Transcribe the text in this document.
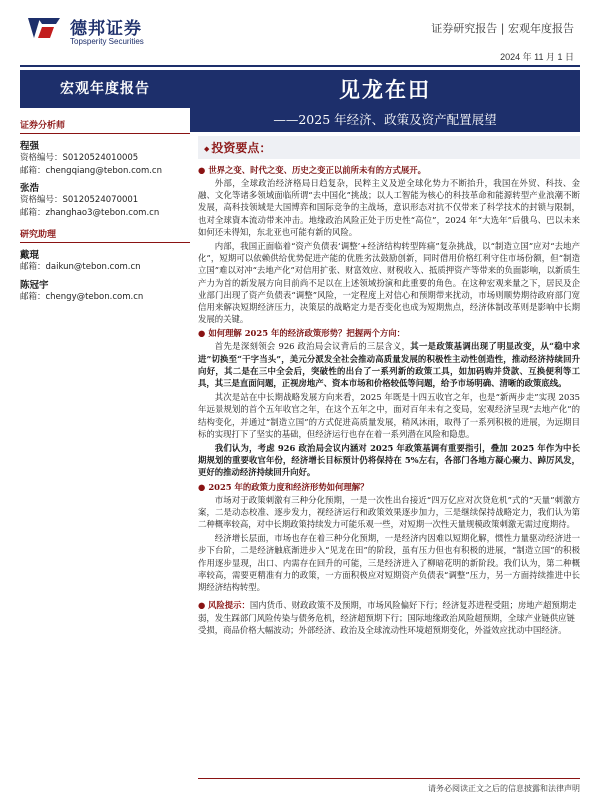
德邦证券
Topsperity Securities
证券研究报告 | 宏观年度报告
2024 年 11 月 1 日
宏观年度报告	见龙在田
——2025 年经济、政策及资产配置展望
证券分析师
程强
资格编号：S0120524010005
邮箱：chengqiang@tebon.com.cn
张浩
资格编号：S0120524070001
邮箱：zhanghao3@tebon.com.cn
研究助理
戴琨
邮箱：daikun@tebon.com.cn
陈冠宇
邮箱：chengy@tebon.com.cn
◆ 投资要点：
● 世界之变、时代之变、历史之变正以前所未有的方式展开。

外部，全球政治经济格局日趋复杂，民粹主义及逆全球化势力不断抬升，我国在外贸、科技、金融、文化等诸多领域面临所谓“去中国化”挑战；以人工智能为核心的科技革命和能源转型产业浪潮不断发展，高科技领域是大国博弈和国际竞争的主战场，意识形态对抗不仅带来了科学技术的封锁与限制，也对全球資本流动带来冲击。地缘政治风险正处于历史性“高位”，2024 年“大选年”后俄乌、巴以未来如何还未得知，东北亚也可能有新的风险。

内部，我国正面临着“资产负债表‘调整’+经济结构转型阵痛”复杂挑战，以“制造立国”应对“去地产化”，短期可以依赖供给优势促进产能的优胜劣汰鼓励创新，同时借用价格红利守住市场份额，但“制造立国”难以对冲“去地产化”对信用扩张、财富效应、财税收入、抵质押资产等带来的负面影响，以新质生产力为首的新发展方向目前尚不足以在上述领域扮演和此重要的角色。在这种宏观来量之下，居民及企业部门出现了资产负债表“调整”风险，一定程度上对信心和预期带来扰动，市场则顺势期待政府部门宽信用来解决短期经济压力，决策层的战略定力是否变化也成为短期焦点，经济体制改革则是影响中长期发展的关键。

● 如何理解 2025 年的经济政策形势？把握两个方向：

首先是深刻领会 926 政治局会议背后的三层含义，其一是政策基调出现了明显改变，从“稳中求进”切换至“干字当头”，美元分派发全社会推动高质量发展的积极性主动性创造性，推动经济持续回升向好，其二是在三中全会后，突破性的出台了一系列新的政策工具，如加码购并贷款、互换便利等工具，其三是直面问题，正视房地产、资本市场和价格较低等问题，给予市场明确、清晰的政策底线。

其次是站在中长期战略发展方向来看，2025 年既是十四五收官之年，也是“新两步走”实现 2035 年远景规划的首个五年收官之年，在这个五年之中，面对百年未有之变局，宏观经济呈现“去地产化”的结构变化，并通过“制造立国”的方式促进高质量发展，稍风沐雨，取得了一系列积极的进展，为远期目标的实现打下了坚实的基础，但经济运行也存在着一系列潜在风险和隐患。

我们认为，考虑 926 政治局会议内涵对 2025 年政策基调有重要指引，叠加 2025 年作为中长期规划的重要收官年份，经济增长目标预计仍将保持在 5%左右，各部门各地方凝心聚力、踔厉风发，更好的推动经济持续回升向好。

● 2025 年的政策力度和经济形势如何理解？

市场对于政策刺激有三种分化预期，一是一次性出台接近“四万亿应对次贷危机”式的“天量”刺激方案，二是动态校准、逐步发力，视经济运行和政策效果逐步加力，三是继续保持战略定力，我们认为第二种概率较高，对中长期政策持续发力可能乐观一些，对短期一次性天量规模政策刺激无需过度期待。

经济增长层面，市场也存在着三种分化预期，一是经济内因难以短期化解，惯性力量驱动经济进一步下台阶，二是经济触底渐进步入“见龙在田”的阶段，虽有压力但也有积极的进展，“制造立国”的积极作用逐步显现，出口、内需存在回升的可能，三是经济进入了柳暗花明的新阶段。我们认为，第二种概率较高，需要更精准有力的政策，一方面积极应对短期资产负债表“调整”压力，另一方面持续推进中长期经济结构转型。

● 风险提示：国内货币、财政政策不及预期，市场风险偏好下行；经济复苏进程受阻；房地产超预期走弱，发生踩部门风险传染与债务危机，经济超预期下行；国际地缘政治风险超预期，全球产业链供应链受损，商品价格大幅波动；外部经济、政治及全球流动性环境超预期变化，外溢效应扰动中国经济。

请务必阅读正文之后的信息披露和法律声明
